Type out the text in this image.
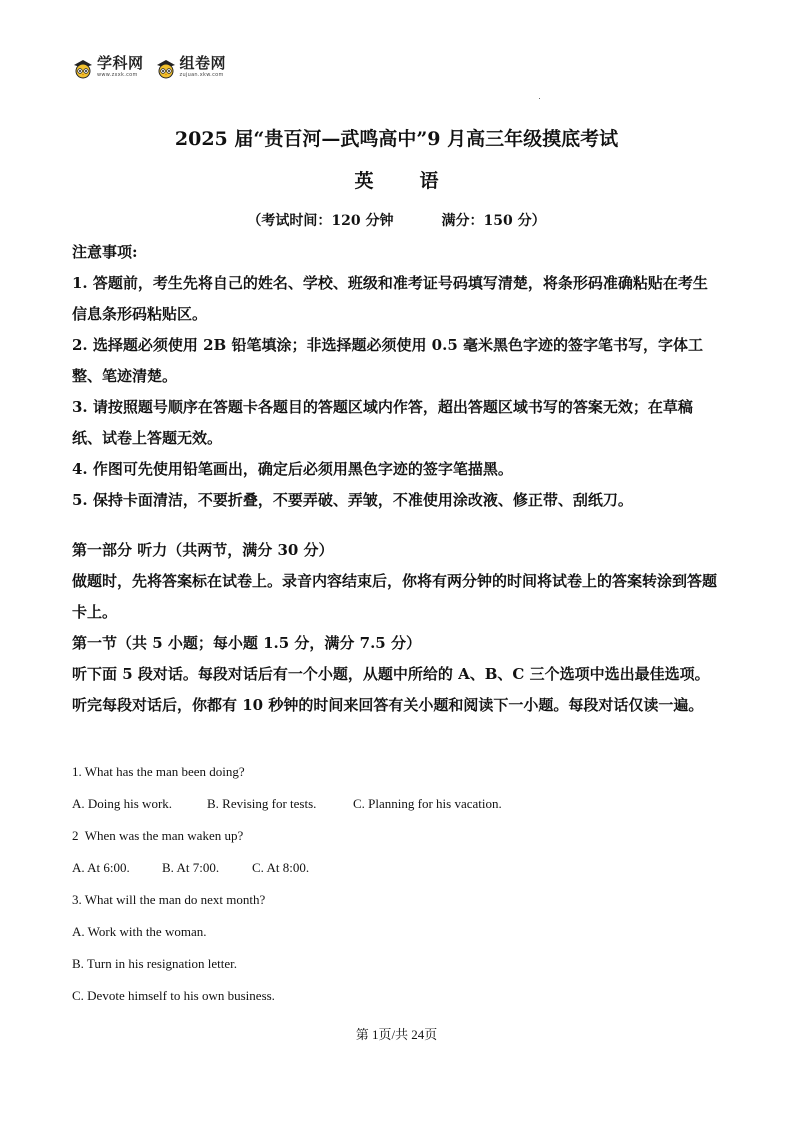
学科网
www.zxxk.com
组卷网
zujuan.xkw.com
2025 届“贵百河—武鸣高中”9 月高三年级摸底考试
英 语
（考试时间：120 分钟	满分：150 分）
注意事项:
1. 答题前，考生先将自己的姓名、学校、班级和准考证号码填写清楚，将条形码准确粘贴在考生信息条形码粘贴区。
2. 选择题必须使用 2B 铅笔填涂；非选择题必须使用 0.5 毫米黑色字迹的签字笔书写，字体工整、笔迹清楚。
3. 请按照题号顺序在答题卡各题目的答题区域内作答，超出答题区域书写的答案无效；在草稿纸、试卷上答题无效。
4. 作图可先使用铅笔画出，确定后必须用黑色字迹的签字笔描黑。
5. 保持卡面清洁，不要折叠，不要弄破、弄皱，不准使用涂改液、修正带、刮纸刀。
第一部分 听力（共两节，满分 30 分）
做题时，先将答案标在试卷上。录音内容结束后，你将有两分钟的时间将试卷上的答案转涂到答题卡上。
第一节（共 5 小题；每小题 1.5 分，满分 7.5 分）
听下面 5 段对话。每段对话后有一个小题，从题中所给的 A、B、C 三个选项中选出最佳选项。听完每段对话后，你都有 10 秒钟的时间来回答有关小题和阅读下一小题。每段对话仅读一遍。
1. What has the man been doing?
A. Doing his work.	B. Revising for tests.	C. Planning for his vacation.
2  When was the man waken up?
A. At 6:00. B. At 7:00.	C. At 8:00.
3. What will the man do next month?
A. Work with the woman.
B. Turn in his resignation letter.
C. Devote himself to his own business.
第 1页/共 24页
